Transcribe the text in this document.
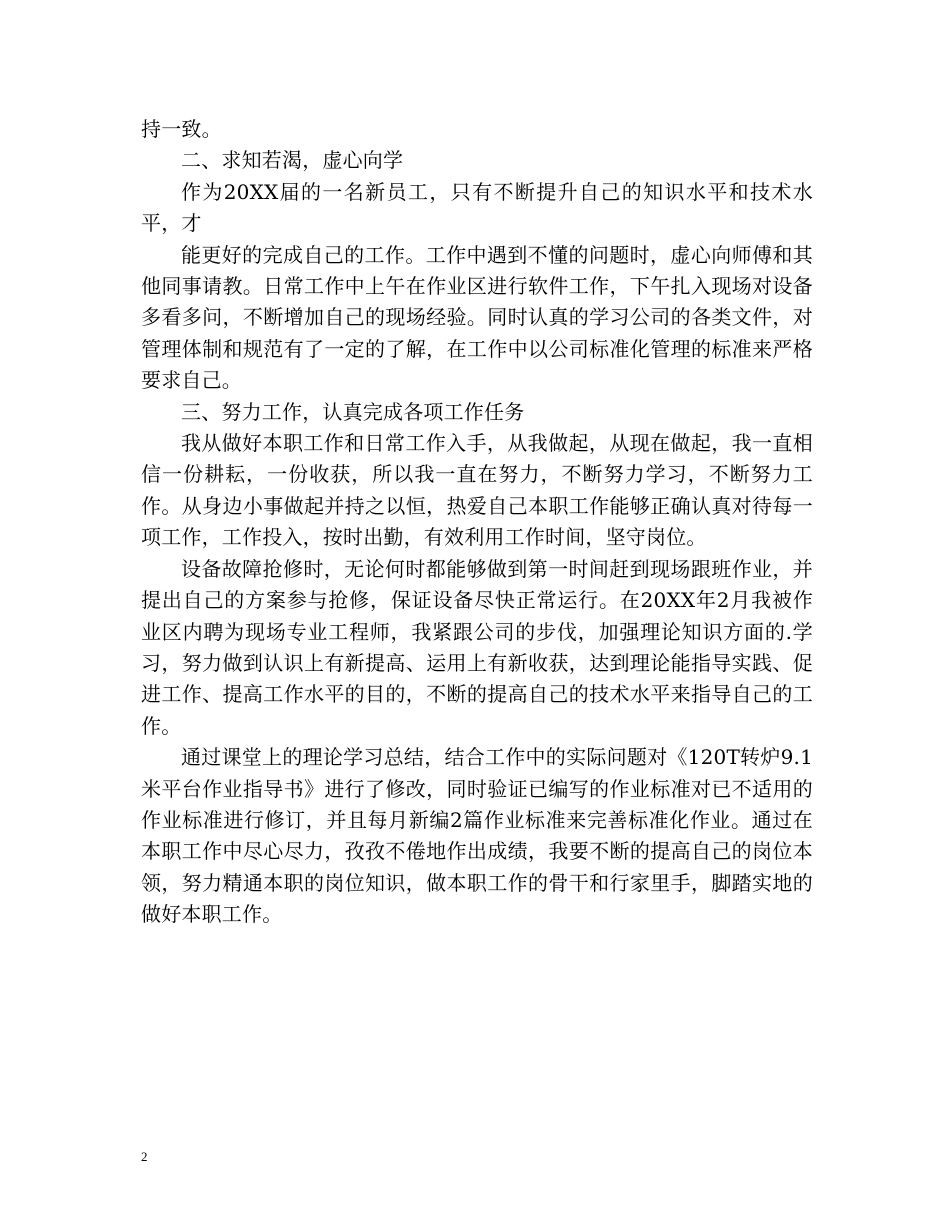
持一致。

二、求知若渴，虚心向学

作为20XX届的一名新员工，只有不断提升自己的知识水平和技术水平，才

能更好的完成自己的工作。工作中遇到不懂的问题时，虚心向师傅和其他同事请教。日常工作中上午在作业区进行软件工作，下午扎入现场对设备多看多问，不断增加自己的现场经验。同时认真的学习公司的各类文件，对管理体制和规范有了一定的了解，在工作中以公司标准化管理的标准来严格要求自己。

三、努力工作，认真完成各项工作任务

我从做好本职工作和日常工作入手，从我做起，从现在做起，我一直相信一份耕耘，一份收获，所以我一直在努力，不断努力学习，不断努力工作。从身边小事做起并持之以恒，热爱自己本职工作能够正确认真对待每一项工作，工作投入，按时出勤，有效利用工作时间，坚守岗位。

设备故障抢修时，无论何时都能够做到第一时间赶到现场跟班作业，并提出自己的方案参与抢修，保证设备尽快正常运行。在20XX年2月我被作业区内聘为现场专业工程师，我紧跟公司的步伐，加强理论知识方面的.学习，努力做到认识上有新提高、运用上有新收获，达到理论能指导实践、促进工作、提高工作水平的目的，不断的提高自己的技术水平来指导自己的工作。

通过课堂上的理论学习总结，结合工作中的实际问题对《120T转炉9.1米平台作业指导书》进行了修改，同时验证已编写的作业标准对已不适用的作业标准进行修订，并且每月新编2篇作业标准来完善标准化作业。通过在本职工作中尽心尽力，孜孜不倦地作出成绩，我要不断的提高自己的岗位本领，努力精通本职的岗位知识，做本职工作的骨干和行家里手，脚踏实地的做好本职工作。

2
